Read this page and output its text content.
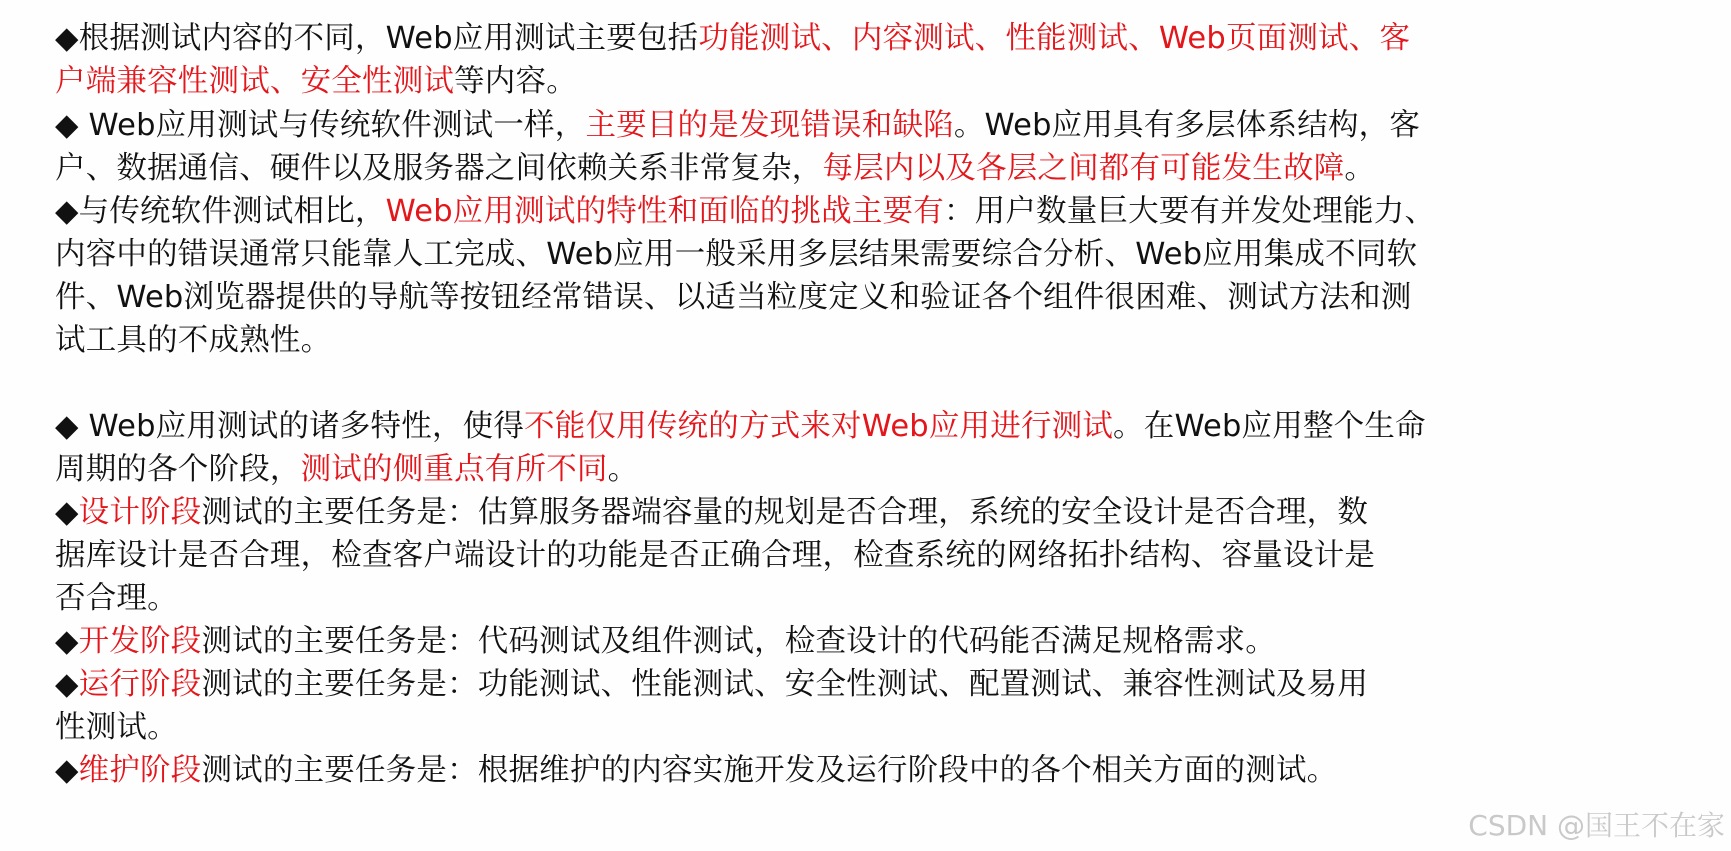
◆根据测试内容的不同，Web应用测试主要包括功能测试、内容测试、性能测试、Web页面测试、客
户端兼容性测试、安全性测试等内容。
◆ Web应用测试与传统软件测试一样，主要目的是发现错误和缺陷。Web应用具有多层体系结构，客
户、数据通信、硬件以及服务器之间依赖关系非常复杂，每层内以及各层之间都有可能发生故障。
◆与传统软件测试相比，Web应用测试的特性和面临的挑战主要有：用户数量巨大要有并发处理能力、
内容中的错误通常只能靠人工完成、Web应用一般采用多层结果需要综合分析、Web应用集成不同软
件、Web浏览器提供的导航等按钮经常错误、以适当粒度定义和验证各个组件很困难、测试方法和测
试工具的不成熟性。
◆ Web应用测试的诸多特性，使得不能仅用传统的方式来对Web应用进行测试。在Web应用整个生命
周期的各个阶段，测试的侧重点有所不同。
◆设计阶段测试的主要任务是：估算服务器端容量的规划是否合理，系统的安全设计是否合理，数
据库设计是否合理，检查客户端设计的功能是否正确合理，检查系统的网络拓扑结构、容量设计是
否合理。
◆开发阶段测试的主要任务是：代码测试及组件测试，检查设计的代码能否满足规格需求。
◆运行阶段测试的主要任务是：功能测试、性能测试、安全性测试、配置测试、兼容性测试及易用
性测试。
◆维护阶段测试的主要任务是：根据维护的内容实施开发及运行阶段中的各个相关方面的测试。
CSDN @国王不在家
